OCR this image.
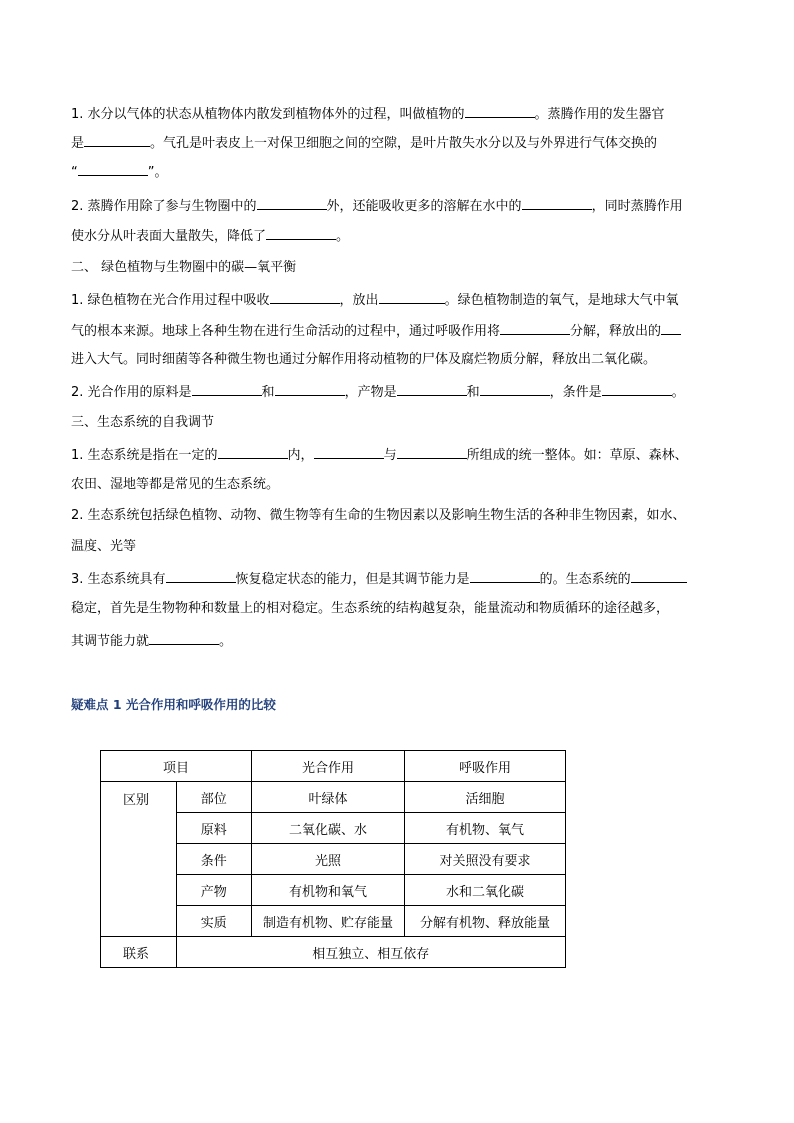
1. 水分以气体的状态从植物体内散发到植物体外的过程，叫做植物的	。蒸腾作用的发生器官
是	。气孔是叶表皮上一对保卫细胞之间的空隙，是叶片散失水分以及与外界进行气体交换的
“	”。
2. 蒸腾作用除了参与生物圈中的	外，还能吸收更多的溶解在水中的	，同时蒸腾作用
使水分从叶表面大量散失，降低了	。
二、 绿色植物与生物圈中的碳—氧平衡
1. 绿色植物在光合作用过程中吸收	，放出	。绿色植物制造的氧气，是地球大气中氧
气的根本来源。地球上各种生物在进行生命活动的过程中，通过呼吸作用将	分解，释放出的
进入大气。同时细菌等各种微生物也通过分解作用将动植物的尸体及腐烂物质分解，释放出二氧化碳。
2. 光合作用的原料是	和	，产物是	和	，条件是	。
三、生态系统的自我调节
1. 生态系统是指在一定的	内，	与	所组成的统一整体。如：草原、森林、
农田、湿地等都是常见的生态系统。
2. 生态系统包括绿色植物、动物、微生物等有生命的生物因素以及影响生物生活的各种非生物因素，如水、
温度、光等
3. 生态系统具有	恢复稳定状态的能力，但是其调节能力是	的。生态系统的
稳定，首先是生物物种和数量上的相对稳定。生态系统的结构越复杂，能量流动和物质循环的途径越多，
其调节能力就	。
疑难点 1 光合作用和呼吸作用的比较
项目		光合作用	呼吸作用
区别	部位	叶绿体	活细胞
	原料	二氧化碳、水	有机物、氧气
	条件	光照	对关照没有要求
	产物	有机物和氧气	水和二氧化碳
	实质	制造有机物、贮存能量	分解有机物、释放能量
联系	相互独立、相互依存		
